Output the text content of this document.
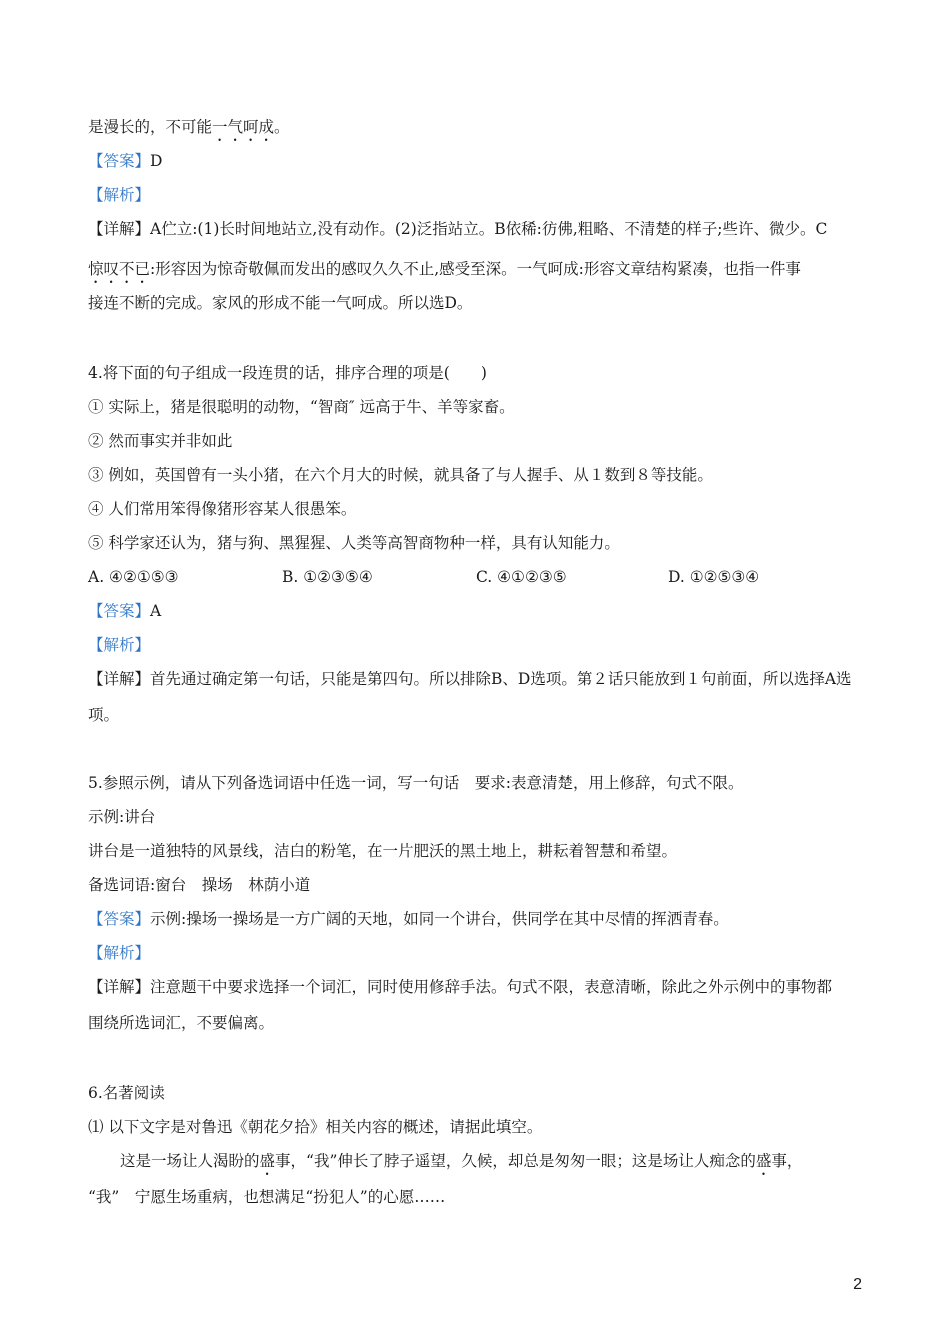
是漫长的，不可能一气呵成。
【答案】D
【解析】
【详解】A伫立:(1)长时间地站立,没有动作。(2)泛指站立。B依稀:彷佛,粗略、不清楚的样子;些许、微少。C
惊叹不已:形容因为惊奇敬佩而发出的感叹久久不止,感受至深。一气呵成:形容文章结构紧凑，也指一件事
接连不断的完成。家风的形成不能一气呵成。所以选D。
4.将下面的句子组成一段连贯的话，排序合理的项是(　　)
① 实际上，猪是很聪明的动物，“智商″ 远高于牛、羊等家畜。
② 然而事实并非如此
③ 例如，英国曾有一头小猪，在六个月大的时候，就具备了与人握手、从１数到８等技能。
④ 人们常用笨得像猪形容某人很愚笨。
⑤ 科学家还认为，猪与狗、黑猩猩、人类等高智商物种一样，具有认知能力。
A. ④②①⑤③	B. ①②③⑤④	C. ④①②③⑤	D. ①②⑤③④
【答案】A
【解析】
【详解】首先通过确定第一句话，只能是第四句。所以排除B、D选项。第２话只能放到１句前面，所以选择A选
项。
5.参照示例，请从下列备选词语中任选一词，写一句话　要求:表意清楚，用上修辞，句式不限。
示例:讲台
讲台是一道独特的风景线，洁白的粉笔，在一片肥沃的黑土地上，耕耘着智慧和希望。
备选词语:窗台　操场　林荫小道
【答案】示例:操场一操场是一方广阔的天地，如同一个讲台，供同学在其中尽情的挥洒青春。
【解析】
【详解】注意题干中要求选择一个词汇，同时使用修辞手法。句式不限，表意清晰，除此之外示例中的事物都
围绕所选词汇，不要偏离。
6.名著阅读
⑴ 以下文字是对鲁迅《朝花夕拾》相关内容的概述，请据此填空。
这是一场让人渴盼的盛事，“我”伸长了脖子遥望，久候，却总是匆匆一眼；这是场让人痴念的盛事，
“我”　宁愿生场重病，也想满足“扮犯人”的心愿……
2
